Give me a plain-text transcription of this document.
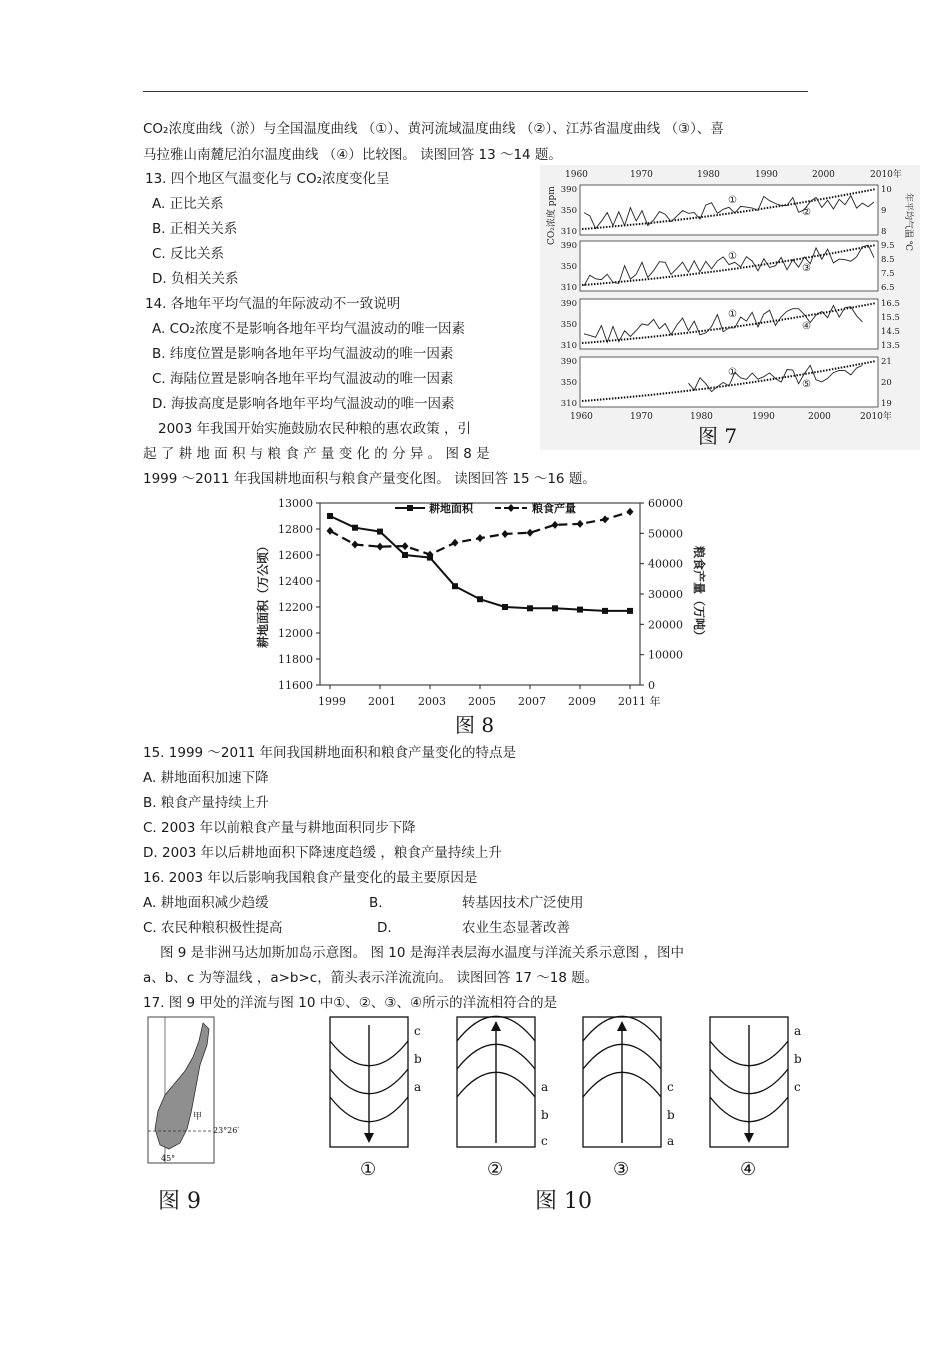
CO₂浓度曲线（淤）与全国温度曲线 （①）、黄河流域温度曲线 （②）、江苏省温度曲线 （③）、喜
马拉雅山南麓尼泊尔温度曲线 （④）比较图。 读图回答 13 ～14 题。
13. 四个地区气温变化与 CO₂浓度变化呈
A. 正比关系
B. 正相关关系
C. 反比关系
D. 负相关关系
14. 各地年平均气温的年际波动不一致说明
A. CO₂浓度不是影响各地年平均气温波动的唯一因素
B. 纬度位置是影响各地年平均气温波动的唯一因素
C. 海陆位置是影响各地年平均气温波动的唯一因素
D. 海拔高度是影响各地年平均气温波动的唯一因素
2003 年我国开始实施鼓励农民种粮的惠农政策 ，引
起 了 耕 地 面 积 与 粮 食 产 量 变 化 的 分 异 。 图 8 是
1999 ～2011 年我国耕地面积与粮食产量变化图。 读图回答 15 ～16 题。
1960	1970	1980	1990	2000	2010年
1960	1970	1980	1990	2000	2010年
CO₂浓度 ppm	年平均气温 ℃
390
350
310
10
9
8
①
②
390
350
310
9.5
8.5
7.5
6.5
①
③
390
350
310
16.5
15.5
14.5
13.5
①
④
390
350
310
21
20
19
①
⑤
图 7
13000
12800
12600
12400
12200
12000
11800
11600
60000
50000
40000
30000
20000
10000
0
1999 2001 2003 2005 2007 2009 2011 年
耕地面积（万公顷）	粮食产量（万吨）
耕地面积	粮食产量
图 8
15. 1999 ～2011 年间我国耕地面积和粮食产量变化的特点是
A. 耕地面积加速下降
B. 粮食产量持续上升
C. 2003 年以前粮食产量与耕地面积同步下降
D. 2003 年以后耕地面积下降速度趋缓 ，粮食产量持续上升
16. 2003 年以后影响我国粮食产量变化的最主要原因是
A. 耕地面积减少趋缓	B.	转基因技术广泛使用
C. 农民种粮积极性提高	D.	农业生态显著改善
图 9 是非洲马达加斯加岛示意图。 图 10 是海洋表层海水温度与洋流关系示意图 ，图中
a、b、c 为等温线 ，a>b>c，箭头表示洋流流向。 读图回答 17 ～18 题。
17. 图 9 甲处的洋流与图 10 中①、②、③、④所示的洋流相符合的是
甲
23°26′
45°
图 9
c
b
a
①
a
b
c
②
c
b
a
③
a
b
c
④
图 10
